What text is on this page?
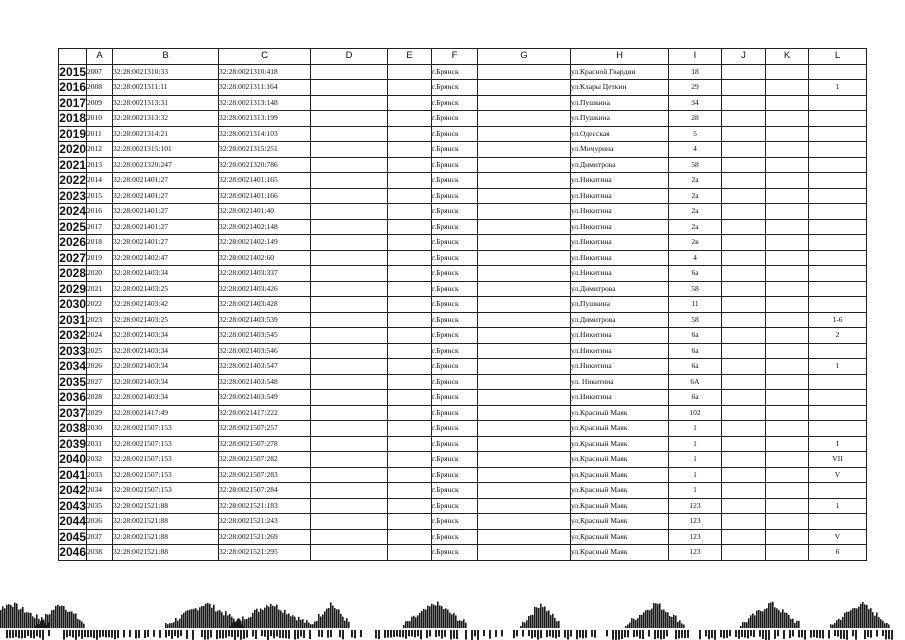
	A	B	C	D	E	F	G	H	I	J	K	L
2015	2007	32:28:0021310:33	32:28:0021310:418			г.Брянск		ул.Красной Гвардии	18			
2016	2008	32:28:0021311:11	32:28:0021311:164			г.Брянск		ул.Клары Цеткин	29			1
2017	2009	32:28:0021313:31	32:28:0021313:148			г.Брянск		ул.Пушкина	34			
2018	2010	32:28:0021313:32	32:28:0021313:199			г.Брянск		ул.Пушкина	28			
2019	2011	32:28:0021314:21	32:28:0021314:103			г.Брянск		ул.Одесская	5			
2020	2012	32:28:0021315:101	32:28:0021315:251			г.Брянск		ул.Мичурина	4			
2021	2013	32:28:0021320:247	32:28:0021320:786			г.Брянск		ул.Димитрова	58			
2022	2014	32:28:0021401:27	32:28:0021401:165			г.Брянск		ул.Никитина	2а			
2023	2015	32:28:0021401:27	32:28:0021401:166			г.Брянск		ул.Никитина	2а			
2024	2016	32:28:0021401:27	32:28:0021401:40			г.Брянск		ул.Никитина	2а			
2025	2017	32:28:0021401:27	32:28:0021402:148			г.Брянск		ул.Никитина	2а			
2026	2018	32:28:0021401:27	32:28:0021402:149			г.Брянск		ул.Никитина	2в			
2027	2019	32:28:0021402:47	32:28:0021402:60			г.Брянск		ул.Никитина	4			
2028	2020	32:28:0021403:34	32:28:0021403:337			г.Брянск		ул.Никитина	6а			
2029	2021	32:28:0021403:25	32:28:0021403:426			г.Брянск		ул.Димитрова	58			
2030	2022	32:28:0021403:42	32:28:0021403:428			г.Брянск		ул.Пушкина	11			
2031	2023	32:28:0021403:25	32:28:0021403:539			г.Брянск		ул.Димитрова	58			1-6
2032	2024	32:28:0021403:34	32:28:0021403:545			г.Брянск		ул.Никитина	6а			2
2033	2025	32:28:0021403:34	32:28:0021403:546			г.Брянск		ул.Никитина	6а			
2034	2026	32:28:0021403:34	32:28:0021403:547			г.Брянск		ул.Никитина	6а			1
2035	2027	32:28:0021403:34	32:28:0021403:548			г.Брянск		ул. Никитина	6А			
2036	2028	32:28:0021403:34	32:28:0021403:549			г.Брянск		ул.Никитина	6а			
2037	2029	32:28:0021417:49	32:28:0021417:222			г.Брянск		ул.Красный Маяк	102			
2038	2030	32:28:0021507:153	32:28:0021507:257			г.Брянск		ул.Красный Маяк	1			
2039	2031	32:28:0021507:153	32:28:0021507:278			г.Брянск		ул.Красный Маяк	1			I
2040	2032	32:28:0021507:153	32:28:0021507:282			г.Брянск		ул.Красный Маяк	1			VII
2041	2033	32:28:0021507:153	32:28:0021507:283			г.Брянск		ул.Красный Маяк	1			V
2042	2034	32:28:0021507:153	32:28:0021507:284			г.Брянск		ул.Красный Маяк	1			
2043	2035	32:28:0021521:88	32:28:0021521:183			г.Брянск		ул.Красный Маяк	123			1
2044	2036	32:28:0021521:88	32:28:0021521:243			г.Брянск		ул.Красный Маяк	123			
2045	2037	32:28:0021521:88	32:28:0021521:269			г.Брянск		ул.Красный Маяк	123			V
2046	2038	32:28:0021521:88	32:28:0021521:295			г.Брянск		ул.Красный Маяк	123			6
